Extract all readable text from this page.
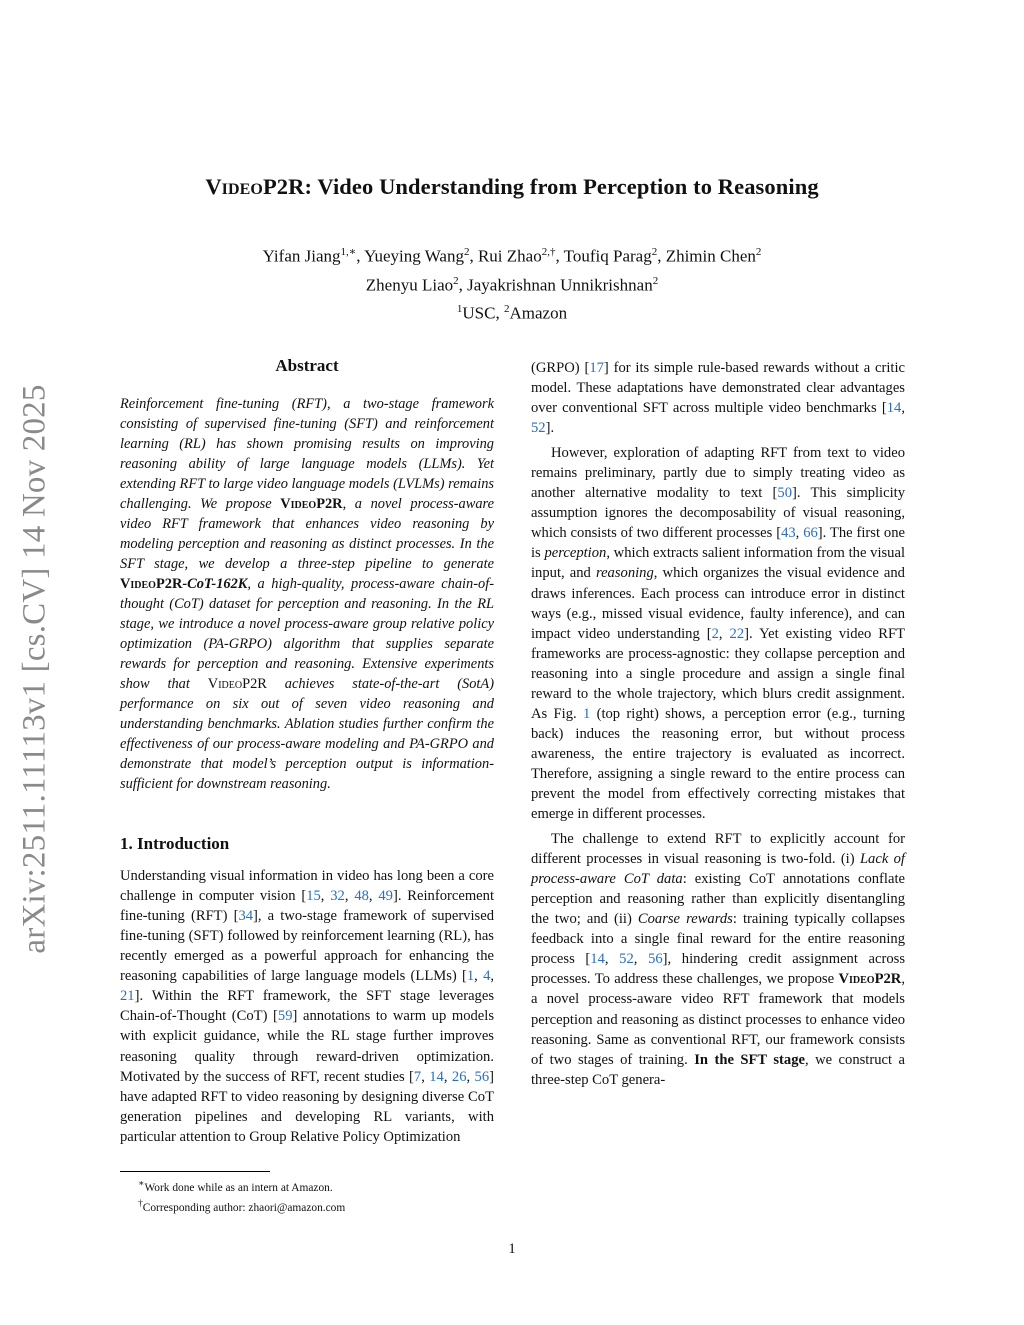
VideoP2R: Video Understanding from Perception to Reasoning
Yifan Jiang$^{1,∗}$, Yueying Wang$^2$, Rui Zhao$^{2,\dagger}$, Toufiq Parag$^2$, Zhimin Chen$^2$
Zhenyu Liao$^2$, Jayakrishnan Unnikrishnan$^2$
$^1$USC, $^2$Amazon
arXiv:2511.11113v1 [cs.CV] 14 Nov 2025
Abstract

Reinforcement fine-tuning (RFT), a two-stage framework consisting of supervised fine-tuning (SFT) and reinforcement learning (RL) has shown promising results on improving reasoning ability of large language models (LLMs). Yet extending RFT to large video language models (LVLMs) remains challenging. We propose VideoP2R, a novel process-aware video RFT framework that enhances video reasoning by modeling perception and reasoning as distinct processes. In the SFT stage, we develop a three-step pipeline to generate VideoP2R-CoT-162K, a high-quality, process-aware chain-of-thought (CoT) dataset for perception and reasoning. In the RL stage, we introduce a novel process-aware group relative policy optimization (PA-GRPO) algorithm that supplies separate rewards for perception and reasoning. Extensive experiments show that VideoP2R achieves state-of-the-art (SotA) performance on six out of seven video reasoning and understanding benchmarks. Ablation studies further confirm the effectiveness of our process-aware modeling and PA-GRPO and demonstrate that model’s perception output is information-sufficient for downstream reasoning.

1. Introduction

Understanding visual information in video has long been a core challenge in computer vision [15, 32, 48, 49]. Reinforcement fine-tuning (RFT) [34], a two-stage framework of supervised fine-tuning (SFT) followed by reinforcement learning (RL), has recently emerged as a powerful approach for enhancing the reasoning capabilities of large language models (LLMs) [1, 4, 21]. Within the RFT framework, the SFT stage leverages Chain-of-Thought (CoT) [59] annotations to warm up models with explicit guidance, while the RL stage further improves reasoning quality through reward-driven optimization. Motivated by the success of RFT, recent studies [7, 14, 26, 56] have adapted RFT to video reasoning by designing diverse CoT generation pipelines and developing RL variants, with particular attention to Group Relative Policy Optimization

(GRPO) [17] for its simple rule-based rewards without a critic model. These adaptations have demonstrated clear advantages over conventional SFT across multiple video benchmarks [14, 52].

However, exploration of adapting RFT from text to video remains preliminary, partly due to simply treating video as another alternative modality to text [50]. This simplicity assumption ignores the decomposability of visual reasoning, which consists of two different processes [43, 66]. The first one is perception, which extracts salient information from the visual input, and reasoning, which organizes the visual evidence and draws inferences. Each process can introduce error in distinct ways (e.g., missed visual evidence, faulty inference), and can impact video understanding [2, 22]. Yet existing video RFT frameworks are process-agnostic: they collapse perception and reasoning into a single procedure and assign a single final reward to the whole trajectory, which blurs credit assignment. As Fig. 1 (top right) shows, a perception error (e.g., turning back) induces the reasoning error, but without process awareness, the entire trajectory is evaluated as incorrect. Therefore, assigning a single reward to the entire process can prevent the model from effectively correcting mistakes that emerge in different processes.

The challenge to extend RFT to explicitly account for different processes in visual reasoning is two-fold. (i) Lack of process-aware CoT data: existing CoT annotations conflate perception and reasoning rather than explicitly disentangling the two; and (ii) Coarse rewards: training typically collapses feedback into a single final reward for the entire reasoning process [14, 52, 56], hindering credit assignment across processes. To address these challenges, we propose VideoP2R, a novel process-aware video RFT framework that models perception and reasoning as distinct processes to enhance video reasoning. Same as conventional RFT, our framework consists of two stages of training. In the SFT stage, we construct a three-step CoT genera-

∗Work done while as an intern at Amazon.
†Corresponding author: zhaori@amazon.com
1
